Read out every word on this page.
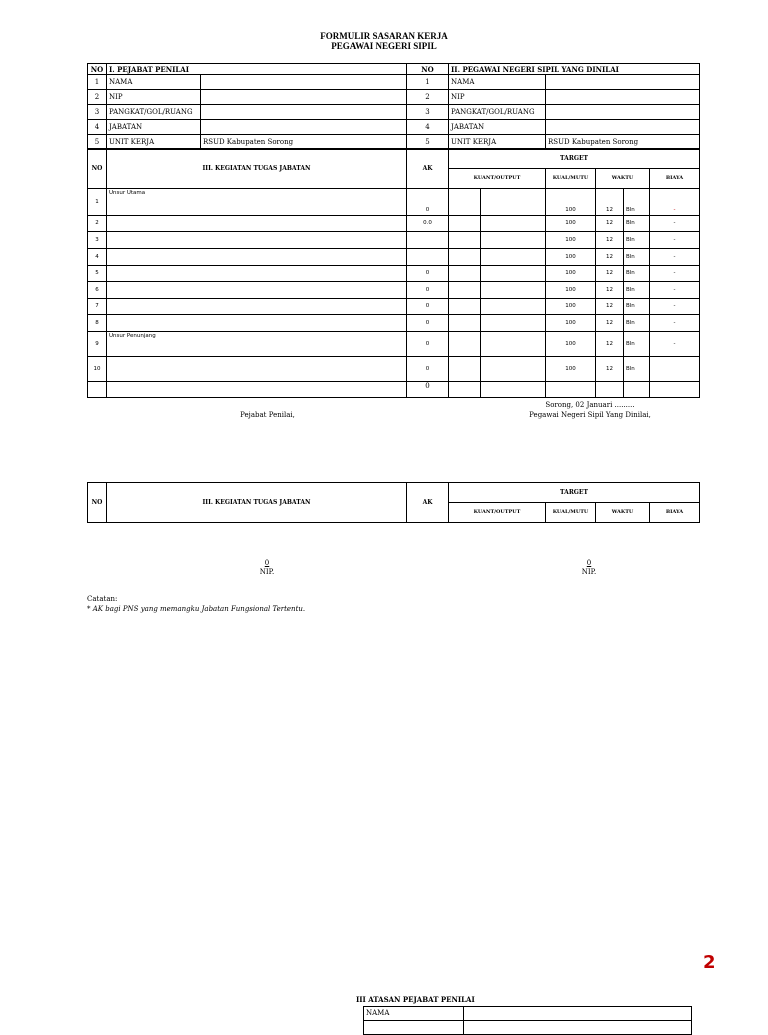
FORMULIR SASARAN KERJA
PEGAWAI NEGERI SIPIL
NO	I. PEJABAT PENILAI		NO	II. PEGAWAI NEGERI SIPIL YANG DINILAI	
1	NAMA		1	NAMA	
2	NIP		2	NIP	
3	PANGKAT/GOL/RUANG		3	PANGKAT/GOL/RUANG	
4	JABATAN		4	JABATAN	
5	UNIT KERJA	RSUD Kabupaten Sorong	5	UNIT KERJA	RSUD Kabupaten Sorong
NO	III. KEGIATAN TUGAS JABATAN	AK	TARGET					
			KUANT/OUTPUT		KUAL/MUTU	WAKTU		BIAYA
1	Unsur Utama	0			100	12	Bln	-
2		0.0			100	12	Bln	-
3					100	12	Bln	-
4					100	12	Bln	-
5		0			100	12	Bln	-
6		0			100	12	Bln	-
7		0			100	12	Bln	-
8		0			100	12	Bln	-
9	Unsur Penunjang	0			100	12	Bln	-
10		0			100	12	Bln	
		0						
Sorong, 02 Januari .........
Pejabat Penilai,	Pegawai Negeri Sipil Yang Dinilai,
NO	III. KEGIATAN TUGAS JABATAN	AK	TARGET			
			KUANT/OUTPUT	KUAL/MUTU	WAKTU	BIAYA
0
NIP.
0
NIP.
Catatan:
* AK bagi PNS yang memangku Jabatan Fungsional Tertentu.
2
III ATASAN PEJABAT PENILAI
NAMA	
